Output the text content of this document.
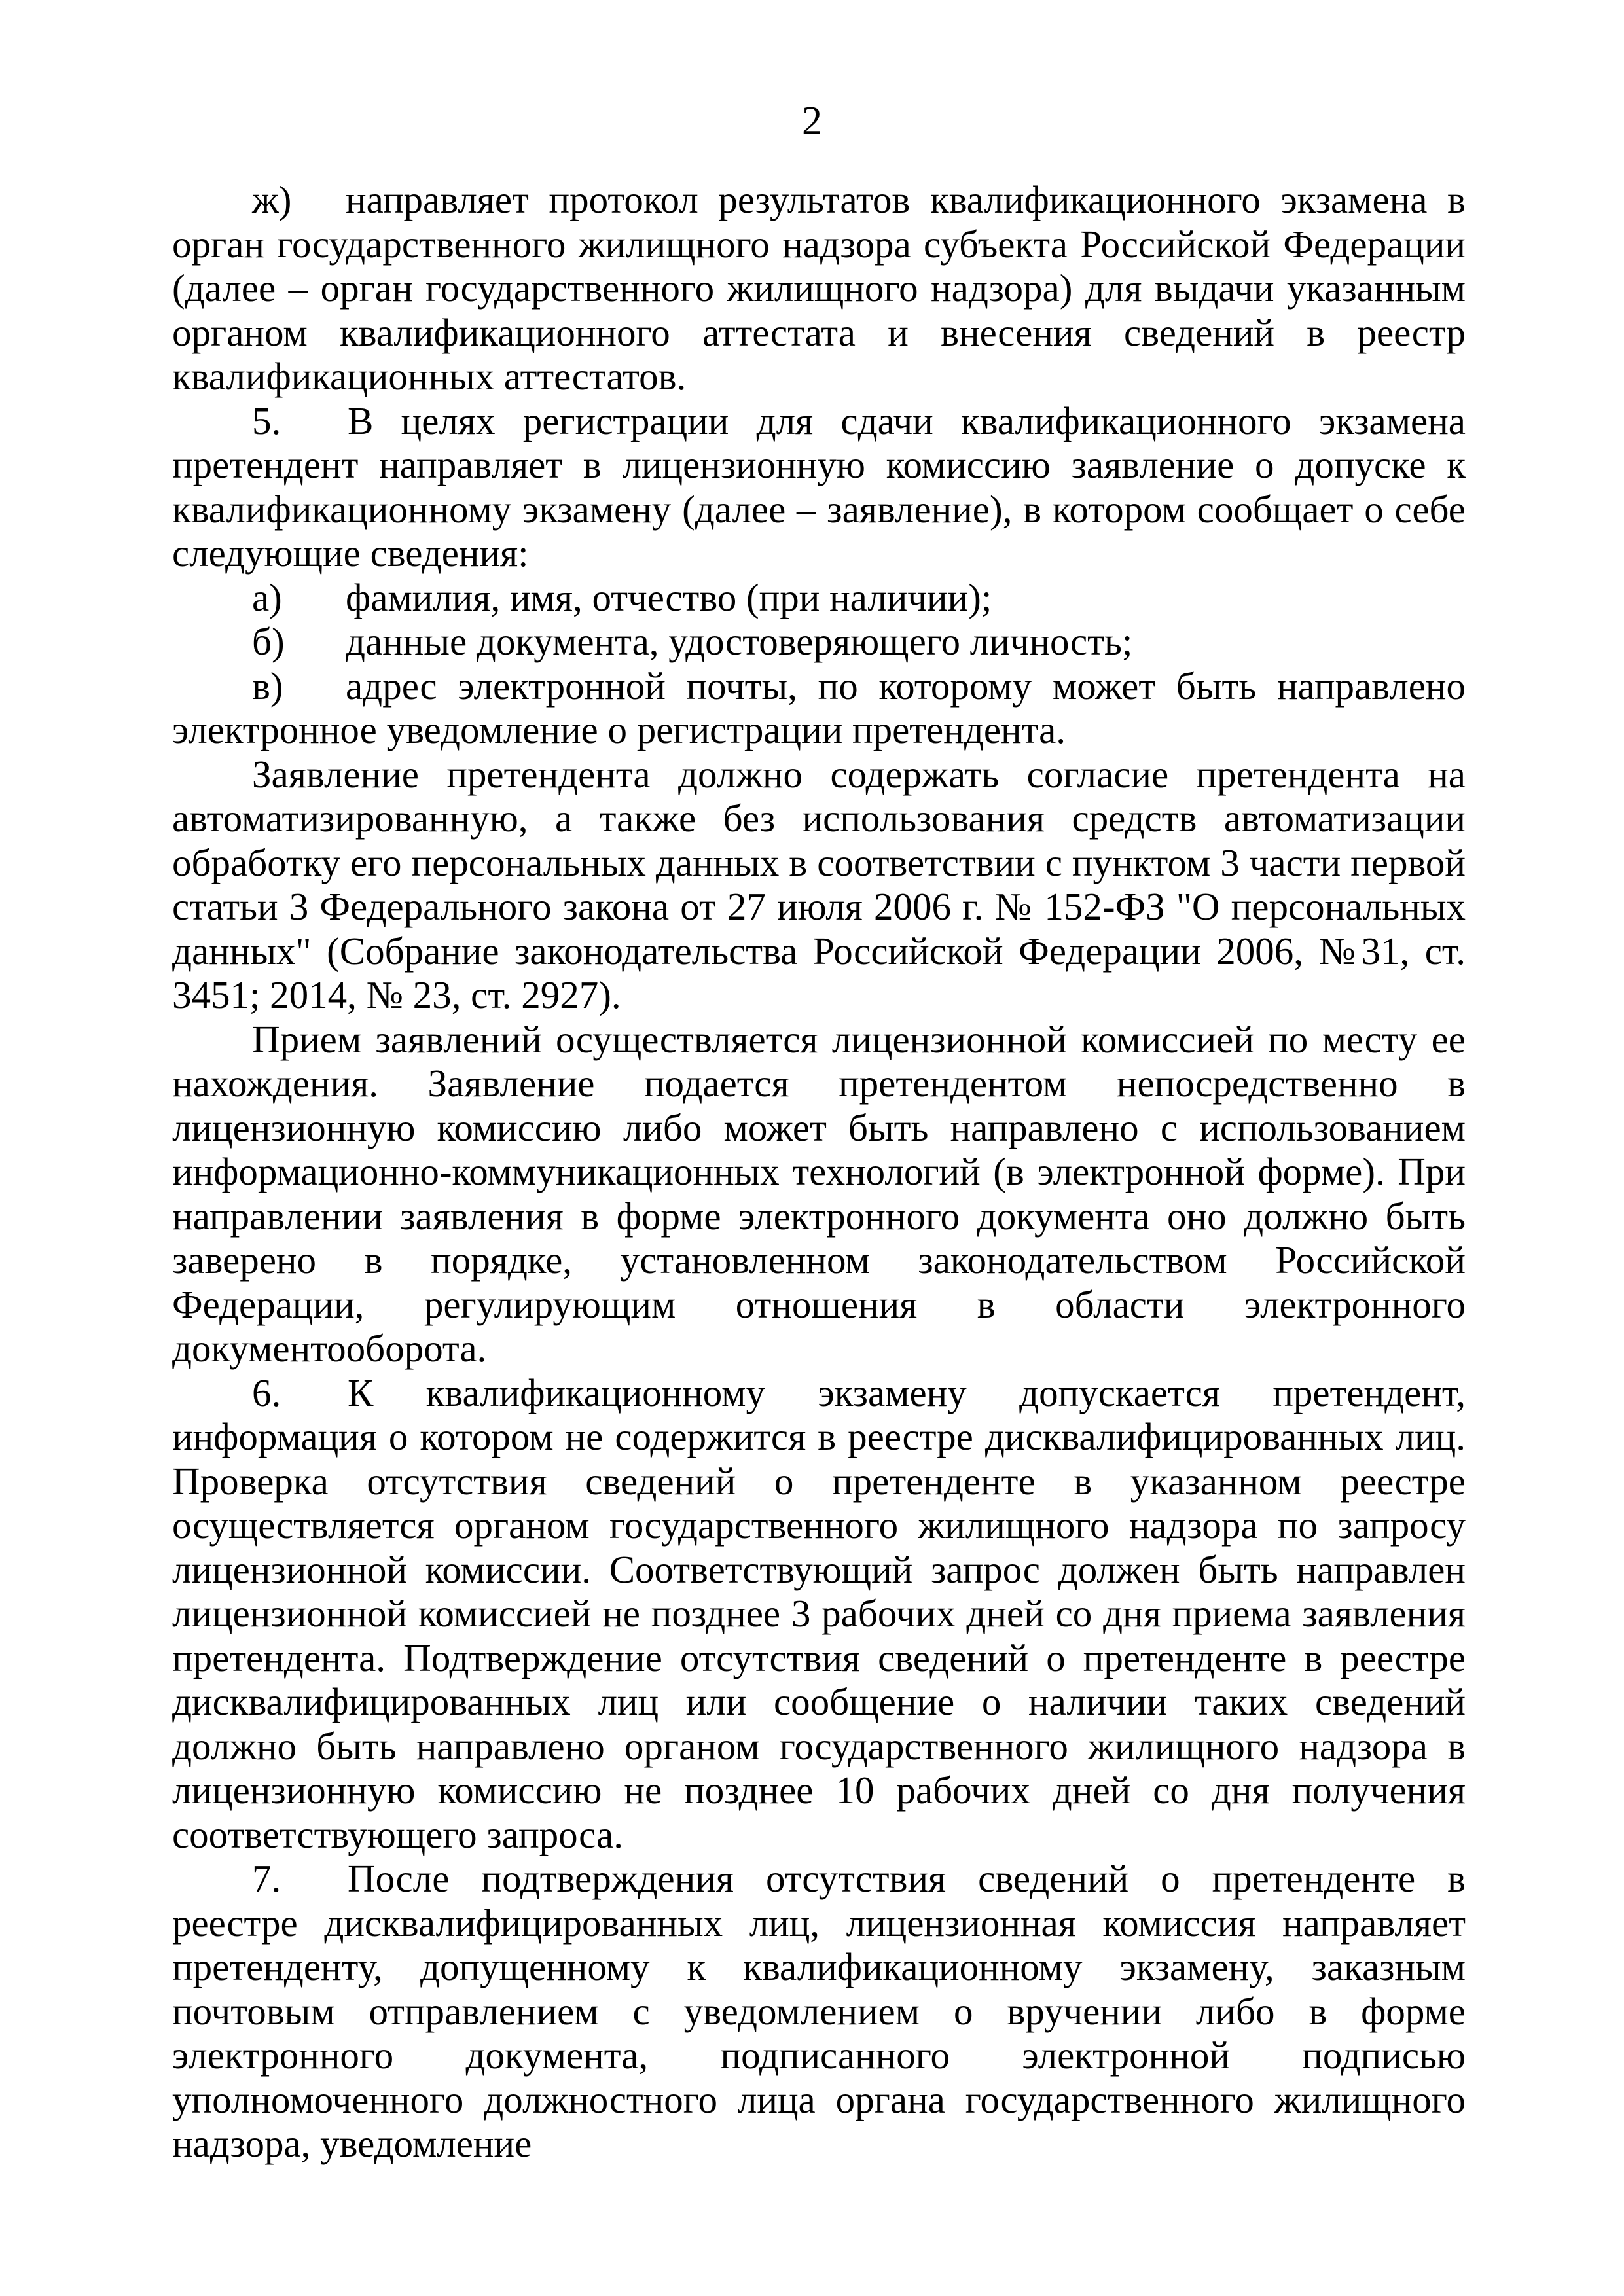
2

ж) направляет протокол результатов квалификационного экзамена в орган государственного жилищного надзора субъекта Российской Федерации (далее – орган государственного жилищного надзора) для выдачи указанным органом квалификационного аттестата и внесения сведений в реестр квалификационных аттестатов.

5. В целях регистрации для сдачи квалификационного экзамена претендент направляет в лицензионную комиссию заявление о допуске к квалификационному экзамену (далее – заявление), в котором сообщает о себе следующие сведения:

а) фамилия, имя, отчество (при наличии);

б) данные документа, удостоверяющего личность;

в) адрес электронной почты, по которому может быть направлено электронное уведомление о регистрации претендента.

Заявление претендента должно содержать согласие претендента на автоматизированную, а также без использования средств автоматизации обработку его персональных данных в соответствии с пунктом 3 части первой статьи 3 Федерального закона от 27 июля 2006 г. № 152-ФЗ "О персональных данных" (Собрание законодательства Российской Федерации 2006, №31, ст. 3451; 2014, № 23, ст. 2927).

Прием заявлений осуществляется лицензионной комиссией по месту ее нахождения. Заявление подается претендентом непосредственно в лицензионную комиссию либо может быть направлено с использованием информационно-коммуникационных технологий (в электронной форме). При направлении заявления в форме электронного документа оно должно быть заверено в порядке, установленном законодательством Российской Федерации, регулирующим отношения в области электронного документооборота.

6. К квалификационному экзамену допускается претендент, информация о котором не содержится в реестре дисквалифицированных лиц. Проверка отсутствия сведений о претенденте в указанном реестре осуществляется органом государственного жилищного надзора по запросу лицензионной комиссии. Соответствующий запрос должен быть направлен лицензионной комиссией не позднее 3 рабочих дней со дня приема заявления претендента. Подтверждение отсутствия сведений о претенденте в реестре дисквалифицированных лиц или сообщение о наличии таких сведений должно быть направлено органом государственного жилищного надзора в лицензионную комиссию не позднее 10 рабочих дней со дня получения соответствующего запроса.

7. После подтверждения отсутствия сведений о претенденте в реестре дисквалифицированных лиц, лицензионная комиссия направляет претенденту, допущенному к квалификационному экзамену, заказным почтовым отправлением с уведомлением о вручении либо в форме электронного документа, подписанного электронной подписью уполномоченного должностного лица органа государственного жилищного надзора, уведомление
